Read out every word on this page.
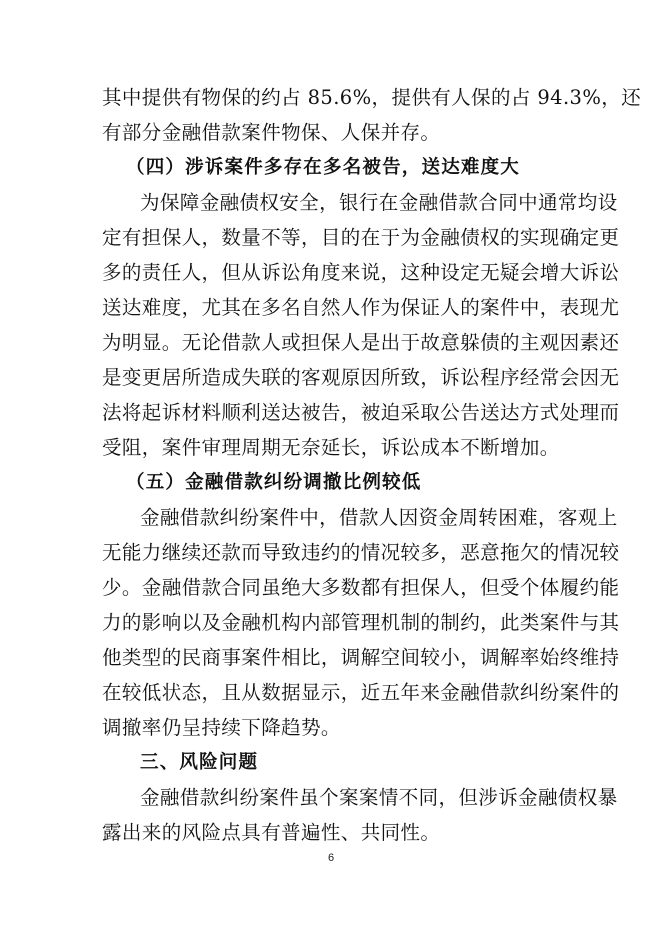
其中提供有物保的约占 85.6%，提供有人保的占 94.3%，还
有部分金融借款案件物保、人保并存。
（四）涉诉案件多存在多名被告，送达难度大
为保障金融债权安全，银行在金融借款合同中通常均设
定有担保人，数量不等，目的在于为金融债权的实现确定更
多的责任人，但从诉讼角度来说，这种设定无疑会增大诉讼
送达难度，尤其在多名自然人作为保证人的案件中，表现尤
为明显。无论借款人或担保人是出于故意躲债的主观因素还
是变更居所造成失联的客观原因所致，诉讼程序经常会因无
法将起诉材料顺利送达被告，被迫采取公告送达方式处理而
受阻，案件审理周期无奈延长，诉讼成本不断增加。
（五）金融借款纠纷调撤比例较低
金融借款纠纷案件中，借款人因资金周转困难，客观上
无能力继续还款而导致违约的情况较多，恶意拖欠的情况较
少。金融借款合同虽绝大多数都有担保人，但受个体履约能
力的影响以及金融机构内部管理机制的制约，此类案件与其
他类型的民商事案件相比，调解空间较小，调解率始终维持
在较低状态，且从数据显示，近五年来金融借款纠纷案件的
调撤率仍呈持续下降趋势。
三、风险问题
金融借款纠纷案件虽个案案情不同，但涉诉金融债权暴
露出来的风险点具有普遍性、共同性。
6
